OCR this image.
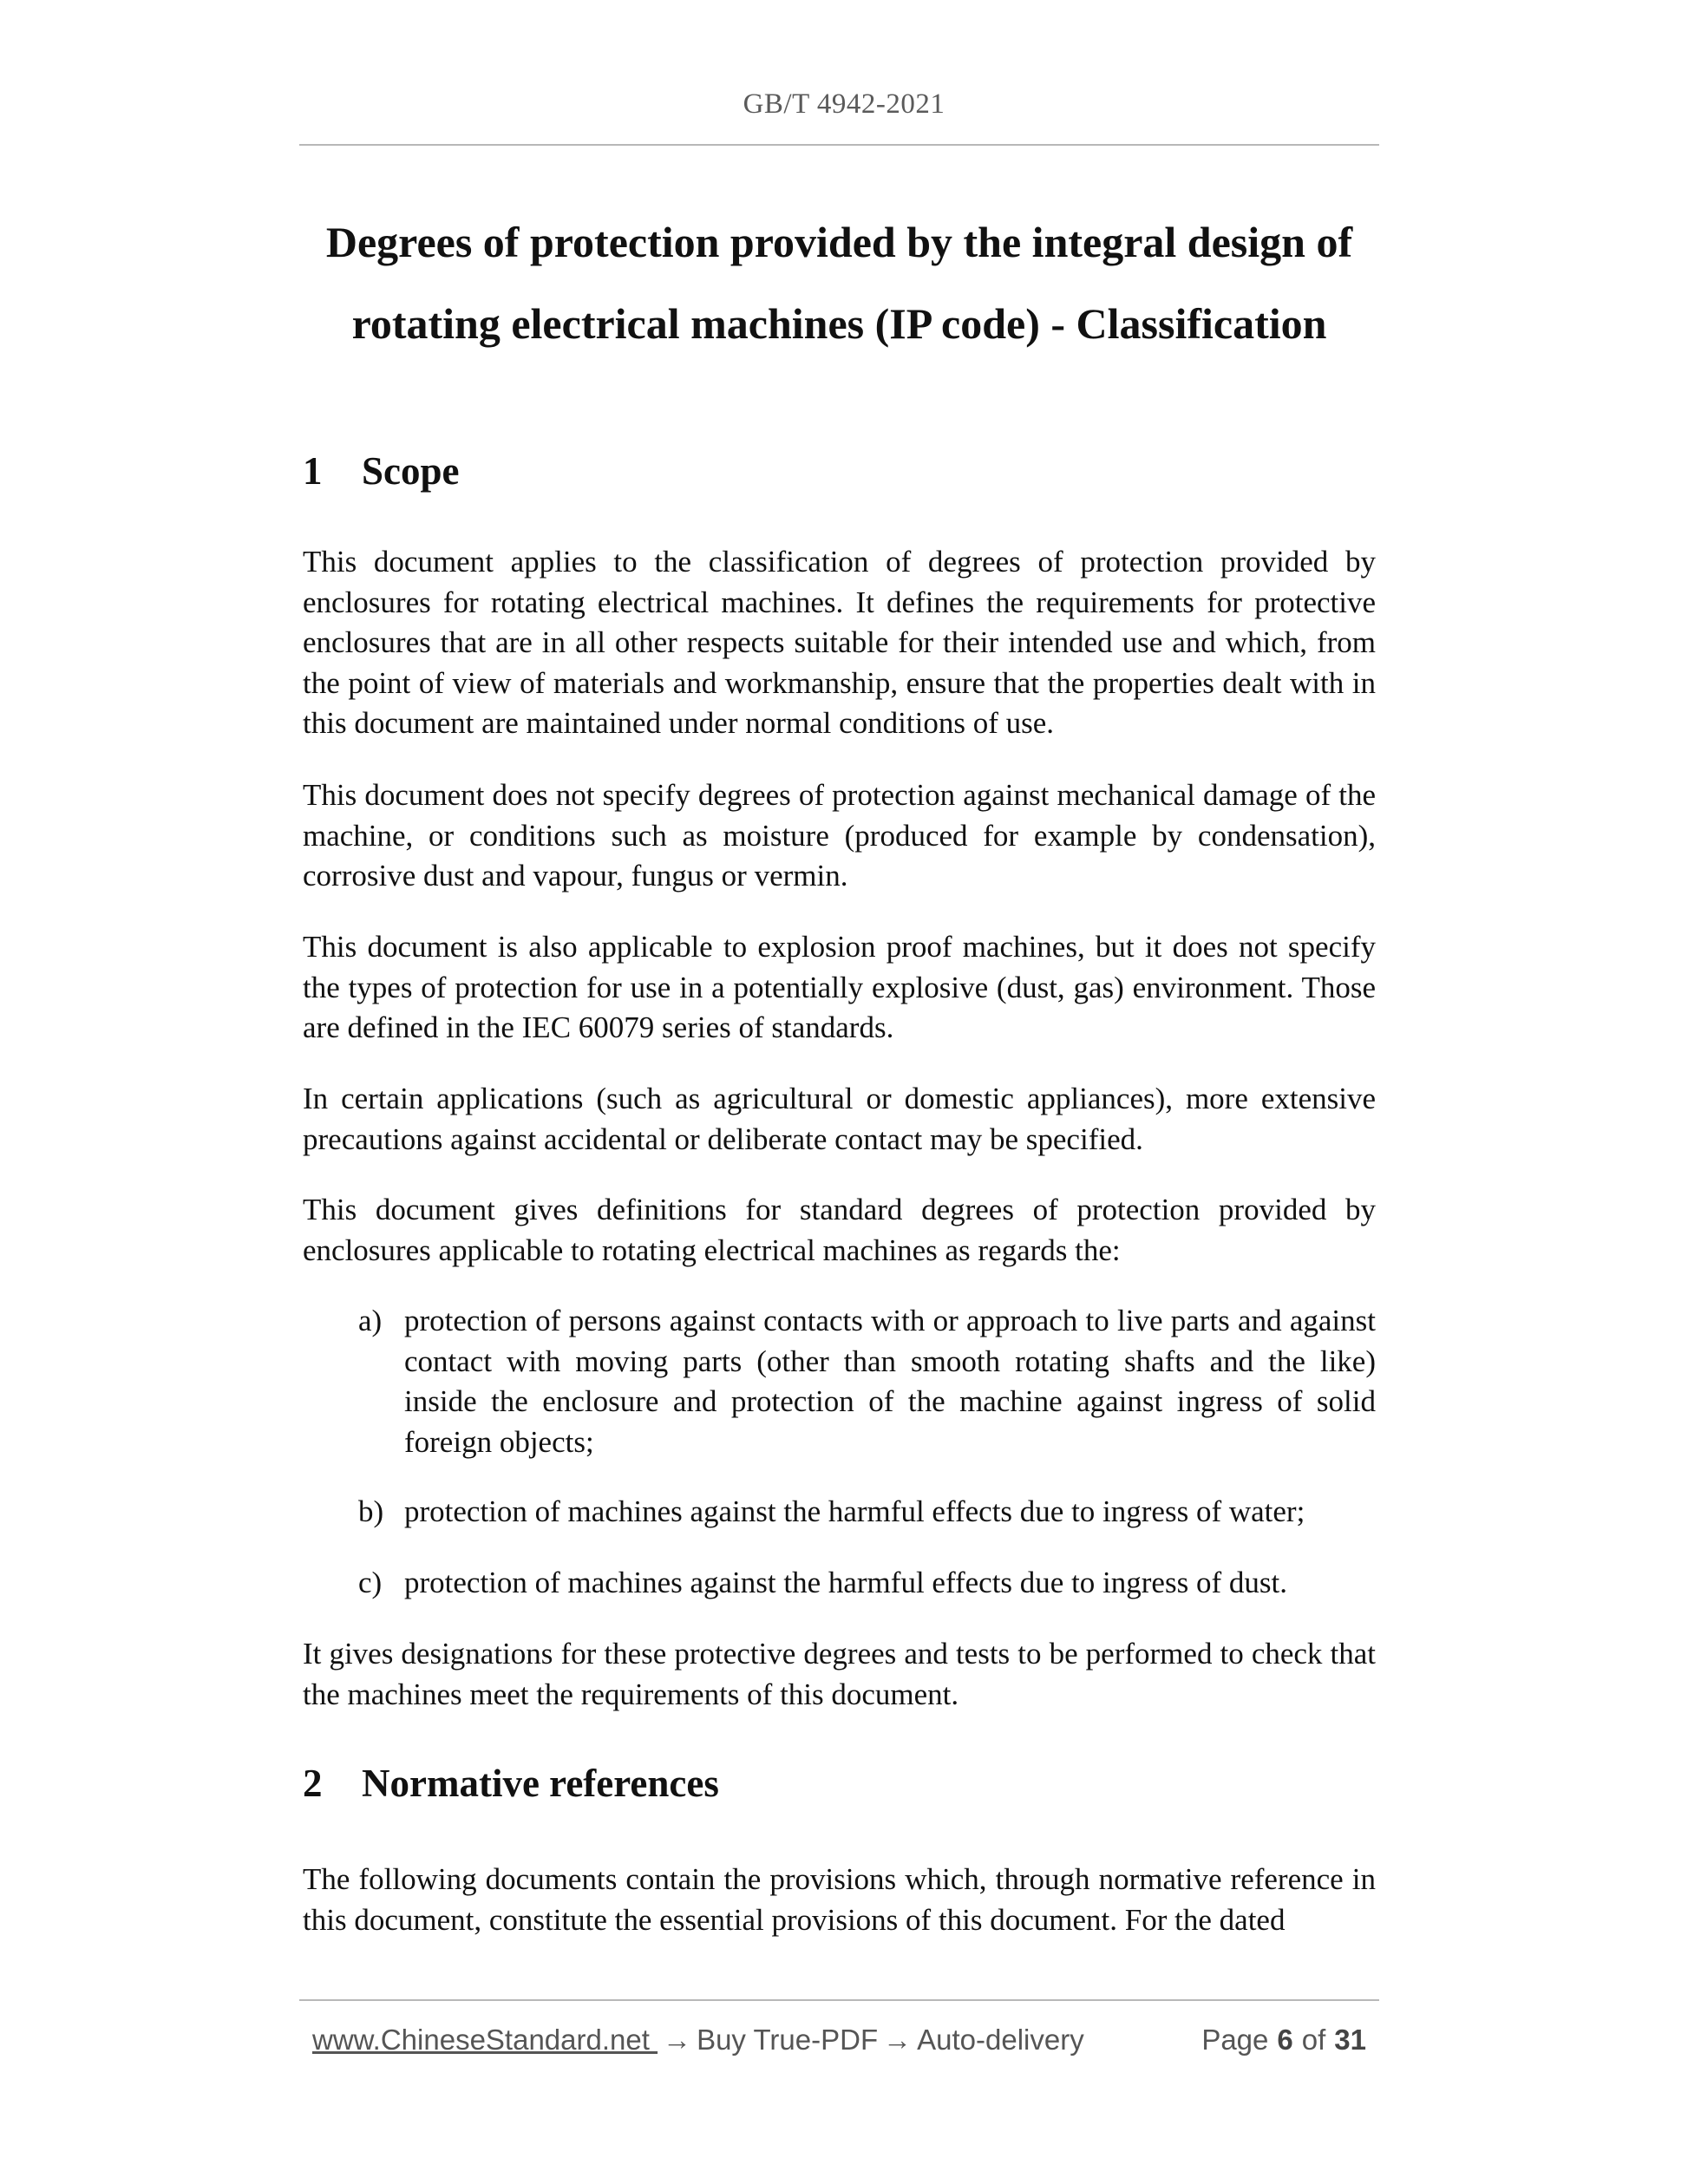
GB/T 4942-2021
Degrees of protection provided by the integral design of
rotating electrical machines (IP code) - Classification
1 Scope

This document applies to the classification of degrees of protection provided by enclosures for rotating electrical machines. It defines the requirements for protective enclosures that are in all other respects suitable for their intended use and which, from the point of view of materials and workmanship, ensure that the properties dealt with in this document are maintained under normal conditions of use.

This document does not specify degrees of protection against mechanical damage of the machine, or conditions such as moisture (produced for example by condensation), corrosive dust and vapour, fungus or vermin.

This document is also applicable to explosion proof machines, but it does not specify the types of protection for use in a potentially explosive (dust, gas) environment. Those are defined in the IEC 60079 series of standards.

In certain applications (such as agricultural or domestic appliances), more extensive precautions against accidental or deliberate contact may be specified.

This document gives definitions for standard degrees of protection provided by enclosures applicable to rotating electrical machines as regards the:

a) protection of persons against contacts with or approach to live parts and against contact with moving parts (other than smooth rotating shafts and the like) inside the enclosure and protection of the machine against ingress of solid foreign objects;
b) protection of machines against the harmful effects due to ingress of water;
c) protection of machines against the harmful effects due to ingress of dust.

It gives designations for these protective degrees and tests to be performed to check that the machines meet the requirements of this document.

2 Normative references

The following documents contain the provisions which, through normative reference in this document, constitute the essential provisions of this document. For the dated

www.ChineseStandard.net → Buy True-PDF → Auto-delivery	Page 6 of 31
